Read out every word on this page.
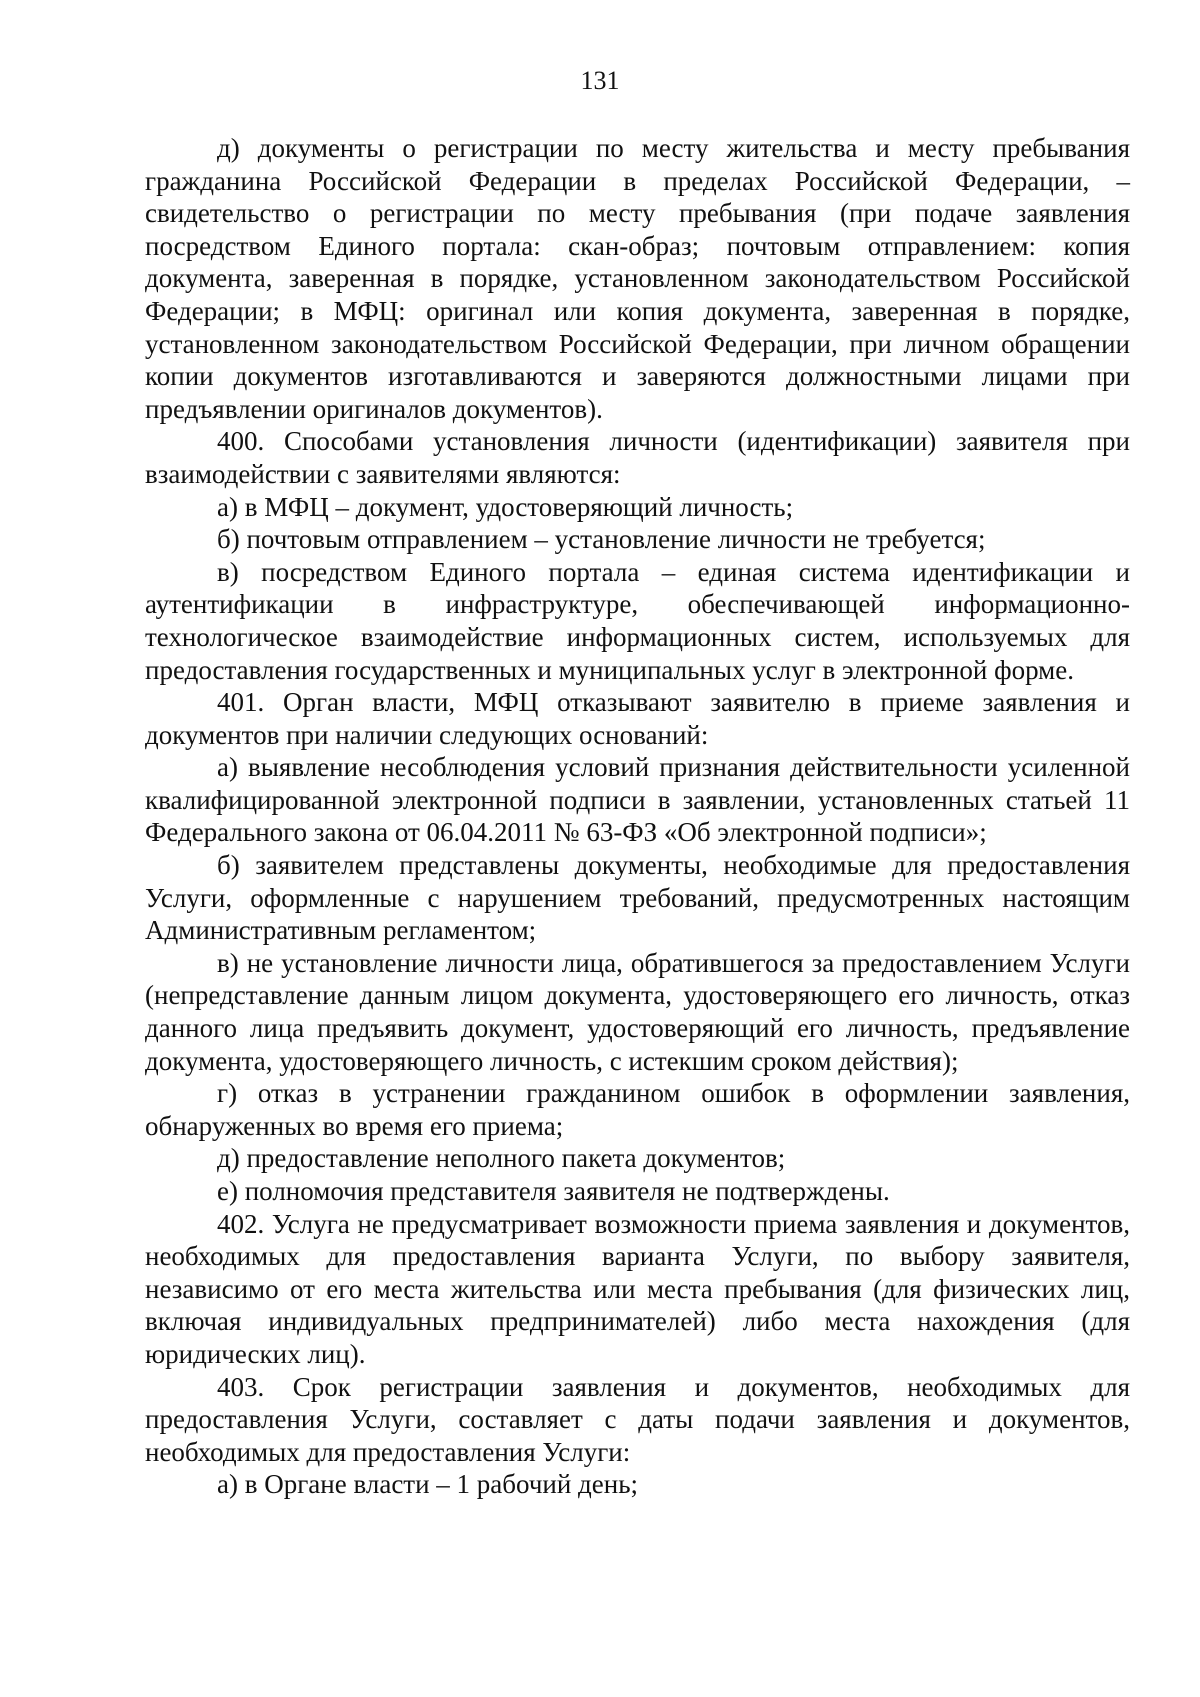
131

д) документы о регистрации по месту жительства и месту пребывания гражданина Российской Федерации в пределах Российской Федерации, – свидетельство о регистрации по месту пребывания (при подаче заявления посредством Единого портала: скан-образ; почтовым отправлением: копия документа, заверенная в порядке, установленном законодательством Российской Федерации; в МФЦ: оригинал или копия документа, заверенная в порядке, установленном законодательством Российской Федерации, при личном обращении копии документов изготавливаются и заверяются должностными лицами при предъявлении оригиналов документов).

400. Способами установления личности (идентификации) заявителя при взаимодействии с заявителями являются:

а) в МФЦ – документ, удостоверяющий личность;

б) почтовым отправлением – установление личности не требуется;

в) посредством Единого портала – единая система идентификации и аутентификации в инфраструктуре, обеспечивающей информационно-технологическое взаимодействие информационных систем, используемых для предоставления государственных и муниципальных услуг в электронной форме.

401. Орган власти, МФЦ отказывают заявителю в приеме заявления и документов при наличии следующих оснований:

а) выявление несоблюдения условий признания действительности усиленной квалифицированной электронной подписи в заявлении, установленных статьей 11 Федерального закона от 06.04.2011 № 63-ФЗ «Об электронной подписи»;

б) заявителем представлены документы, необходимые для предоставления Услуги, оформленные с нарушением требований, предусмотренных настоящим Административным регламентом;

в) не установление личности лица, обратившегося за предоставлением Услуги (непредставление данным лицом документа, удостоверяющего его личность, отказ данного лица предъявить документ, удостоверяющий его личность, предъявление документа, удостоверяющего личность, с истекшим сроком действия);

г) отказ в устранении гражданином ошибок в оформлении заявления, обнаруженных во время его приема;

д) предоставление неполного пакета документов;

е) полномочия представителя заявителя не подтверждены.

402. Услуга не предусматривает возможности приема заявления и документов, необходимых для предоставления варианта Услуги, по выбору заявителя, независимо от его места жительства или места пребывания (для физических лиц, включая индивидуальных предпринимателей) либо места нахождения (для юридических лиц).

403. Срок регистрации заявления и документов, необходимых для предоставления Услуги, составляет с даты подачи заявления и документов, необходимых для предоставления Услуги:

а) в Органе власти – 1 рабочий день;
